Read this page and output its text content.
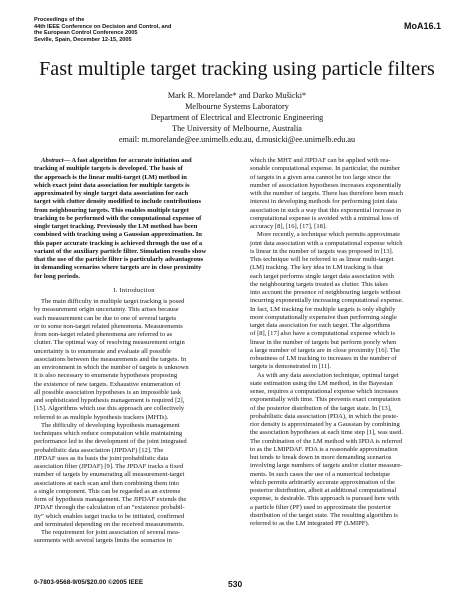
Proceedings of the
44th IEEE Conference on Decision and Control, and
the European Control Conference 2005
Seville, Spain, December 12-15, 2005
MoA16.1
Fast multiple target tracking using particle filters
Mark R. Morelande* and Darko Mušicki*
Melbourne Systems Laboratory
Department of Electrical and Electronic Engineering
The University of Melbourne, Australia
email: m.morelande@ee.unimelb.edu.au, d.musicki@ee.unimelb.edu.au
Abstract— A fast algorithm for accurate initiation and
tracking of multiple targets is developed. The basis of
the approach is the linear multi-target (LM) method in
which exact joint data association for multiple targets is
approximated by single target data association for each
target with clutter density modified to include contributions
from neighbouring targets. This enables multiple target
tracking to be performed with the computational expense of
single target tracking. Previously the LM method has been
combined with tracking using a Gaussian approximation. In
this paper accurate tracking is achieved through the use of a
variant of the auxiliary particle filter. Simulation results show
that the use of the particle filter is particularly advantageous
in demanding scenarios where targets are in close proximity
for long periods.
I. Introduction
The main difficulty in multiple target tracking is posed
by measurement origin uncertainty. This arises because
each measurement can be due to one of several targets
or to some non-target related phenomena. Measurements
from non-target related phenomena are referred to as
clutter. The optimal way of resolving measurement origin
uncertainty is to enumerate and evaluate all possible
associations between the measurements and the targets. In
an environment in which the number of targets is unknown
it is also necessary to enumerate hypotheses proposing
the existence of new targets. Exhaustive enumeration of
all possible association hypotheses is an impossible task
and sophisticated hypothesis management is required [2],
[15]. Algorithms which use this approach are collectively
referred to as multiple hypothesis trackers (MHTs).
The difficulty of developing hypothesis management
techniques which reduce computation while maintaining
performance led to the development of the joint integrated
probabilistic data association (JIPDAF) [12]. The
JIPDAF uses as its basis the joint probabilistic data
association filter (JPDAF) [9]. The JPDAF tracks a fixed
number of targets by enumerating all measurement-target
associations at each scan and then combining them into
a single component. This can be regarded as an extreme
form of hypothesis management. The JIPDAF extends the
JPDAF through the calculation of an “existence probabil-
ity” which enables target tracks to be initiated, confirmed
and terminated depending on the received measurements.
The requirement for joint association of several mea-
surements with several targets limits the scenarios in
which the MHT and JIPDAF can be applied with rea-
sonable computational expense. In particular, the number
of targets in a given area cannot be too large since the
number of association hypotheses increases exponentially
with the number of targets. There has therefore been much
interest in developing methods for performing joint data
association in such a way that this exponential increase in
computational expense is avoided with a minimal loss of
accuracy [8], [16], [17], [18].
More recently, a technique which permits approximate
joint data association with a computational expense which
is linear in the number of targets was proposed in [13].
This technique will be referred to as linear multi-target
(LM) tracking. The key idea in LM tracking is that
each target performs single target data association with
the neighbouring targets treated as clutter. This takes
into account the presence of neighbouring targets without
incurring exponentially increasing computational expense.
In fact, LM tracking for multiple targets is only slightly
more computationally expensive than performing single
target data association for each target. The algorithms
of [8], [17] also have a computational expense which is
linear in the number of targets but perform poorly when
a large number of targets are in close proximity [16]. The
robustness of LM tracking to increases in the number of
targets is demonstrated in [11].
As with any data association technique, optimal target
state estimation using the LM method, in the Bayesian
sense, requires a computational expense which increases
exponentially with time. This prevents exact computation
of the posterior distribution of the target state. In [13],
probabilistic data association (PDA), in which the poste-
rior density is approximated by a Gaussian by combining
the association hypotheses at each time step [1], was used.
The combination of the LM method with IPDA is referred
to as the LMIPDAF. PDA is a reasonable approximation
but tends to break down in more demanding scenarios
involving large numbers of targets and/or clutter measure-
ments. In such cases the use of a numerical technique
which permits arbitrarily accurate approximation of the
posterior distribution, albeit at additional computational
expense, is desirable. This approach is pursued here with
a particle filter (PF) used to approximate the posterior
distribution of the target state. The resulting algorithm is
referred to as the LM integrated PF (LMIPF).
0-7803-9568-9/05/$20.00 ©2005 IEEE	530
